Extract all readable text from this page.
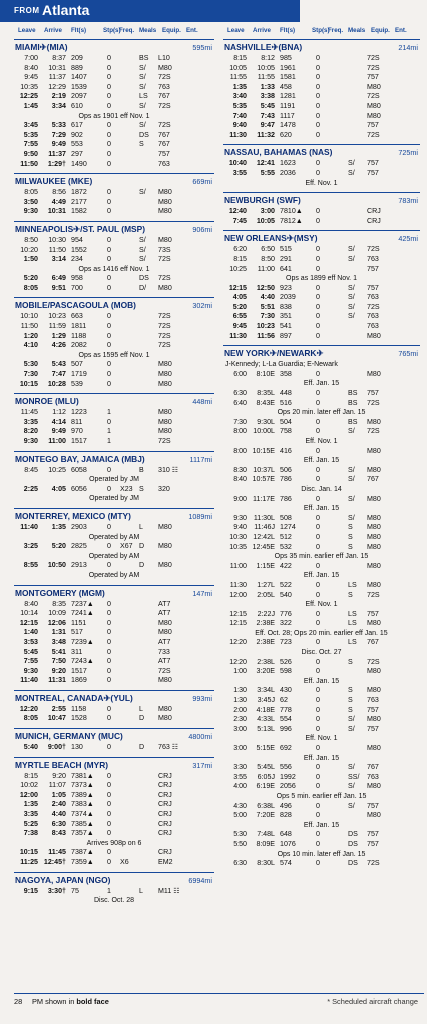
FROM Atlanta
Leave Arrive Flt(s)	Stp(s)
Freq. Meals Equip. Ent.	Leave Arrive Flt(s)	Stp(s)
Freq. Meals Equip. Ent.
MIAMI✈(MIA)	595mi
7:00	8:37 209	0	BS	L10
8:40	10:31 889	0	S/	M80
9:45	11:37 1407	0	S/	72S
10:35	12:29 1539	0	S/	763
12:25	2:19 2097	0	LS	767
1:45	3:34 610	0	S/	72S
Ops as 1901 eff Nov. 1
3:45	5:33 617	0	S/	72S
5:35	7:29 902	0	DS	767
7:55	9:49 553	0	S	767
9:50	11:37 297	0	757
11:50	1:29† 1490	0	763
MILWAUKEE (MKE)	669mi
8:05	8:56 1872	0	S/	M80
3:50	4:49 2177	0	M80
9:30	10:31 1582	0	M80
MINNEAPOLIS✈/ST. PAUL (MSP)	906mi
8:50	10:30 954	0	S/	M80
10:20	11:50 1552	0	S/	73S
1:50	3:14 234	0	S/	72S
Ops as 1416 eff Nov. 1
5:20	6:49 958	0	DS	72S
8:05	9:51 700	0	D/	M80
MOBILE/PASCAGOULA (MOB)	302mi
10:10	10:23 663	0	72S
11:50	11:59 1811	0	72S
1:20	1:29 1188	0	72S
4:10	4:26 2082	0	72S
Ops as 1595 eff Nov. 1
5:30	5:43 507	0	M80
7:30	7:47 1719	0	M80
10:15	10:28 539	0	M80
MONROE (MLU)	448mi
11:45	1:12 1223	1	M80
3:35	4:14 811	0	M80
8:20	9:49 970	1	M80
9:30	11:00 1517	1	72S
MONTEGO BAY, JAMAICA (MBJ)	1117mi
8:45	10:25 6058	0	B	310 ☷
Operated by JM
2:25	4:05 6056	0	X23 S	320
Operated by JM
MONTERREY, MEXICO (MTY)	1089mi
11:40	1:35 2903	0	L	M80
Operated by AM
3:25	5:20 2825	0	X67 D	M80
Operated by AM
8:55	10:50 2913	0	D	M80
Operated by AM
MONTGOMERY (MGM)	147mi
8:40	8:35 7237▲	0	AT7
10:14	10:09 7241▲	0	AT7
12:15	12:06 1151	0	M80
1:40	1:31 517	0	M80
3:53	3:48 7239▲	0	AT7
5:45	5:41 311	0	733
7:55	7:50 7243▲	0	AT7
9:30	9:20 1517	0	72S
11:40	11:31 1869	0	M80
MONTREAL, CANADA✈(YUL)	993mi
12:20	2:55 1158	0	L	M80
8:05	10:47 1528	0	D	M80
MUNICH, GERMANY (MUC)	4800mi
5:40	9:00† 130	0	D	763 ☷
MYRTLE BEACH (MYR)	317mi
8:15	9:20 7381▲	0	CRJ
10:02	11:07 7373▲	0	CRJ
12:00	1:05 7389▲	0	CRJ
1:35	2:40 7383▲	0	CRJ
3:35	4:40 7374▲	0	CRJ
5:25	6:30 7385▲	0	CRJ
7:38	8:43 7357▲	0	CRJ
Arrives 908p on 6
10:15	11:45 7387▲	0	CRJ
11:25 12:45† 7359▲	0	X6	EM2
NAGOYA, JAPAN (NGO)	6994mi
9:15	3:30† 75	1	L	M11 ☷
Disc. Oct. 28
NASHVILLE✈(BNA)	214mi
8:15	8:12 985	0	72S
10:05	10:05 1961	0	72S
11:55	11:55 1581	0	757
1:35	1:33 458	0	M80
3:40	3:38 1281	0	72S
5:35	5:45 1191	0	M80
7:40	7:43 1117	0	M80
9:40	9:47 1478	0	757
11:30	11:32 620	0	72S
NASSAU, BAHAMAS (NAS)	725mi
10:40	12:41 1623	0	S/	757
3:55	5:55 2036	0	S/	757
Eff. Nov. 1
NEWBURGH (SWF)	783mi
12:40	3:00 7810▲	0	CRJ
7:45	10:05 7812▲	0	CRJ
NEW ORLEANS✈(MSY)	425mi
6:20	6:50 515	0	S/	72S
8:15	8:50 291	0	S/	763
10:25	11:00 641	0	757
Ops as 1899 eff Nov. 1
12:15	12:50 923	0	S/	757
4:05	4:40 2039	0	S/	763
5:20	5:51 838	0	S/	72S
6:55	7:30 351	0	S/	763
9:45	10:23 541	0	763
11:30	11:56 897	0	M80
NEW YORK✈/NEWARK✈	765mi
J-Kennedy; L-La Guardia; E-Newark
6:00	8:10E 358	0	M80
Eff. Jan. 15
6:30	8:35L 448	0	BS	757
6:40	8:43E 516	0	BS	72S
Ops 20 min. later eff Jan. 15
7:30	9:30L 504	0	BS	M80
8:00 10:00L 758	0	S/	72S
Eff. Nov. 1
8:00 10:15E 416	0	M80
Eff. Jan. 15
8:30 10:37L 506	0	S/	M80
8:40 10:57E 786	0	S/	767
Disc. Jan. 14
9:00 11:17E 786	0	S/	M80
Eff. Jan. 15
9:30 11:30L 508	0	S/	M80
9:40	11:46J 1274	0	S	M80
10:30 12:42L 512	0	S	M80
10:35 12:45E 532	0	S	M80
Ops 35 min. earlier eff Jan. 15
11:00	1:15E 422	0	M80
Eff. Jan. 15
11:30	1:27L 522	0	LS	M80
12:00	2:05L 540	0	S	72S
Eff. Nov. 1
12:15	2:22J 776	0	LS	757
12:15	2:38E 322	0	LS	M80
Eff. Oct. 28; Ops 20 min. earlier eff Jan. 15
12:20	2:38E 723	0	LS	767
Disc. Oct. 27
12:20	2:38L 526	0	S	72S
1:00	3:20E 598	0	M80
Eff. Jan. 15
1:30	3:34L 430	0	S	M80
1:30	3:45J 62	0	S	763
2:00	4:18E 778	0	S	757
2:30	4:33L 554	0	S/	M80
3:00	5:13L 996	0	S/	757
Eff. Nov. 1
3:00	5:15E 692	0	M80
Eff. Jan. 15
3:30	5:45L 556	0	S/	767
3:55	6:05J 1992	0	SS/	763
4:00	6:19E 2056	0	S/	M80
Ops 5 min. earlier eff Jan. 15
4:30	6:38L 496	0	S/	757
5:00	7:20E 828	0	M80
Eff. Jan. 15
5:30	7:48L 648	0	DS	757
5:50	8:09E 1076	0	DS	757
Ops 10 min. later eff Jan. 15
6:30	8:30L 574	0	DS	72S
28 PM shown in bold face	* Scheduled aircraft change
